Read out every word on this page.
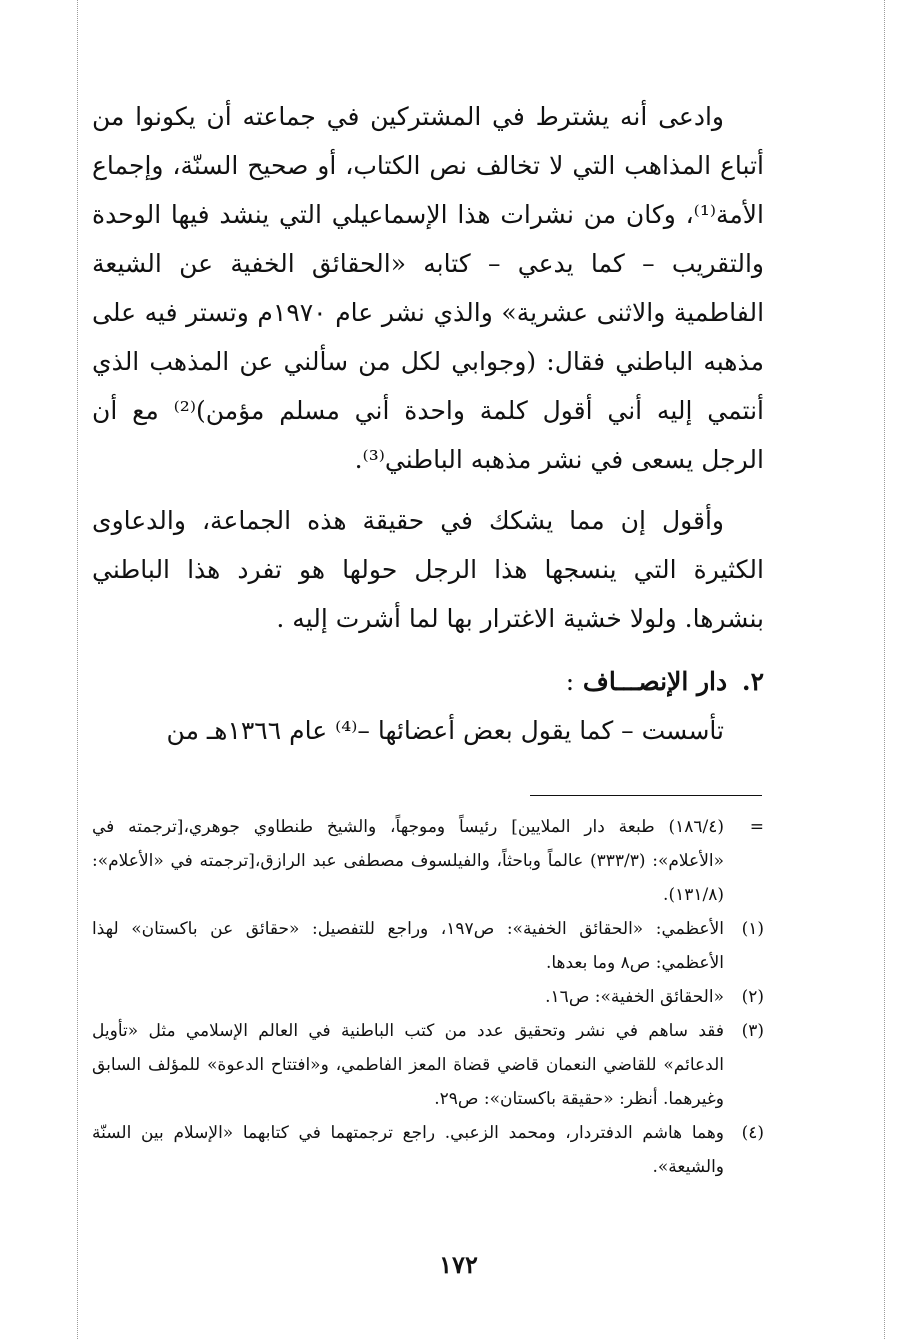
وادعى أنه يشترط في المشتركين في جماعته أن يكونوا من أتباع المذاهب التي لا تخالف نص الكتاب، أو صحيح السنّة، وإجماع الأمة⁽¹⁾، وكان من نشرات هذا الإسماعيلي التي ينشد فيها الوحدة والتقريب – كما يدعي – كتابه «الحقائق الخفية عن الشيعة الفاطمية والاثنى عشرية» والذي نشر عام ١٩٧٠م وتستر فيه على مذهبه الباطني فقال: (وجوابي لكل من سألني عن المذهب الذي أنتمي إليه أني أقول كلمة واحدة أني مسلم مؤمن)⁽²⁾ مع أن الرجل يسعى في نشر مذهبه الباطني⁽³⁾.

وأقول إن مما يشكك في حقيقة هذه الجماعة، والدعاوى الكثيرة التي ينسجها هذا الرجل حولها هو تفرد هذا الباطني بنشرها. ولولا خشية الاغترار بها لما أشرت إليه .

٢. دار الإنصـــاف :

تأسست – كما يقول بعض أعضائها –⁽⁴⁾ عام ١٣٦٦هـ من

=
(١٨٦/٤) طبعة دار الملايين] رئيساً وموجهاً، والشيخ طنطاوي جوهري،[ترجمته في «الأعلام»: (٣٣٣/٣) عالماً وباحثاً، والفيلسوف مصطفى عبد الرازق،[ترجمته في «الأعلام»: (١٣١/٨).
(١)
الأعظمي: «الحقائق الخفية»: ص١٩٧، وراجع للتفصيل: «حقائق عن باكستان» لهذا الأعظمي: ص٨ وما بعدها.
(٢)
«الحقائق الخفية»: ص١٦.
(٣)
فقد ساهم في نشر وتحقيق عدد من كتب الباطنية في العالم الإسلامي مثل «تأويل الدعائم» للقاضي النعمان قاضي قضاة المعز الفاطمي، و«افتتاح الدعوة» للمؤلف السابق وغيرهما. أنظر: «حقيقة باكستان»: ص٢٩.
(٤)
وهما هاشم الدفتردار، ومحمد الزعبي. راجع ترجمتهما في كتابهما «الإسلام بين السنّة والشيعة».
١٧٢
